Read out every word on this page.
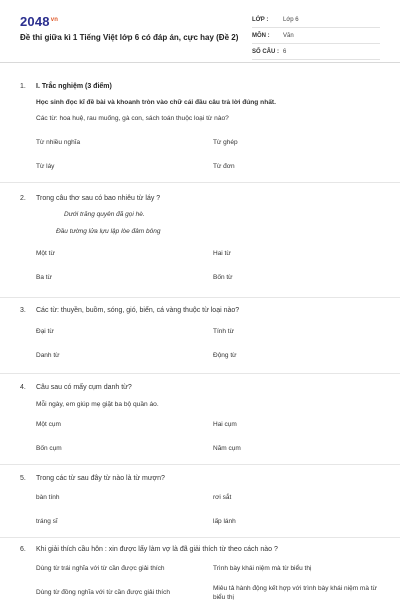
$2048^{vn}$
Đề thi giữa kì 1 Tiếng Việt lớp 6 có đáp án, cực hay (Đề 2)
LỚP :	Lớp 6
MÔN :	Văn
SỐ CÂU : 6
1. I. Trắc nghiệm (3 điểm)
Học sinh đọc kĩ đề bài và khoanh tròn vào chữ cái đầu câu trả lời đúng nhất.
Các từ: hoa huệ, rau muống, gà con, sách toán thuộc loại từ nào?
Từ nhiều nghĩa	Từ ghép
Từ láy	Từ đơn
2. Trong câu thơ sau có bao nhiêu từ láy ?
Dưới trăng quyên đã gọi hè.
Đầu tường lửa lựu lập lòe đâm bông
Một từ	Hai từ
Ba từ	Bốn từ
3. Các từ: thuyền, buồm, sóng, gió, biển, cá vàng thuộc từ loại nào?
Đại từ	Tính từ
Danh từ	Động từ
4. Câu sau có mấy cụm danh từ?
Mỗi ngày, em giúp mẹ giặt ba bộ quần áo.
Một cụm	Hai cụm
Bốn cụm	Năm cụm
5. Trong các từ sau đây từ nào là từ mượn?
bàn tính	rơi sắt
tráng sĩ	lấp lánh
6. Khi giải thích cầu hôn : xin được lấy làm vợ là đã giải thích từ theo cách nào ?
Dùng từ trái nghĩa với từ cần được giải thích	Trình bày khái niệm mà từ biểu thị
Dùng từ đồng nghĩa với từ cần được giải thích	Miêu tả hành động kết hợp với trình bày khái niệm mà từ biểu thị
